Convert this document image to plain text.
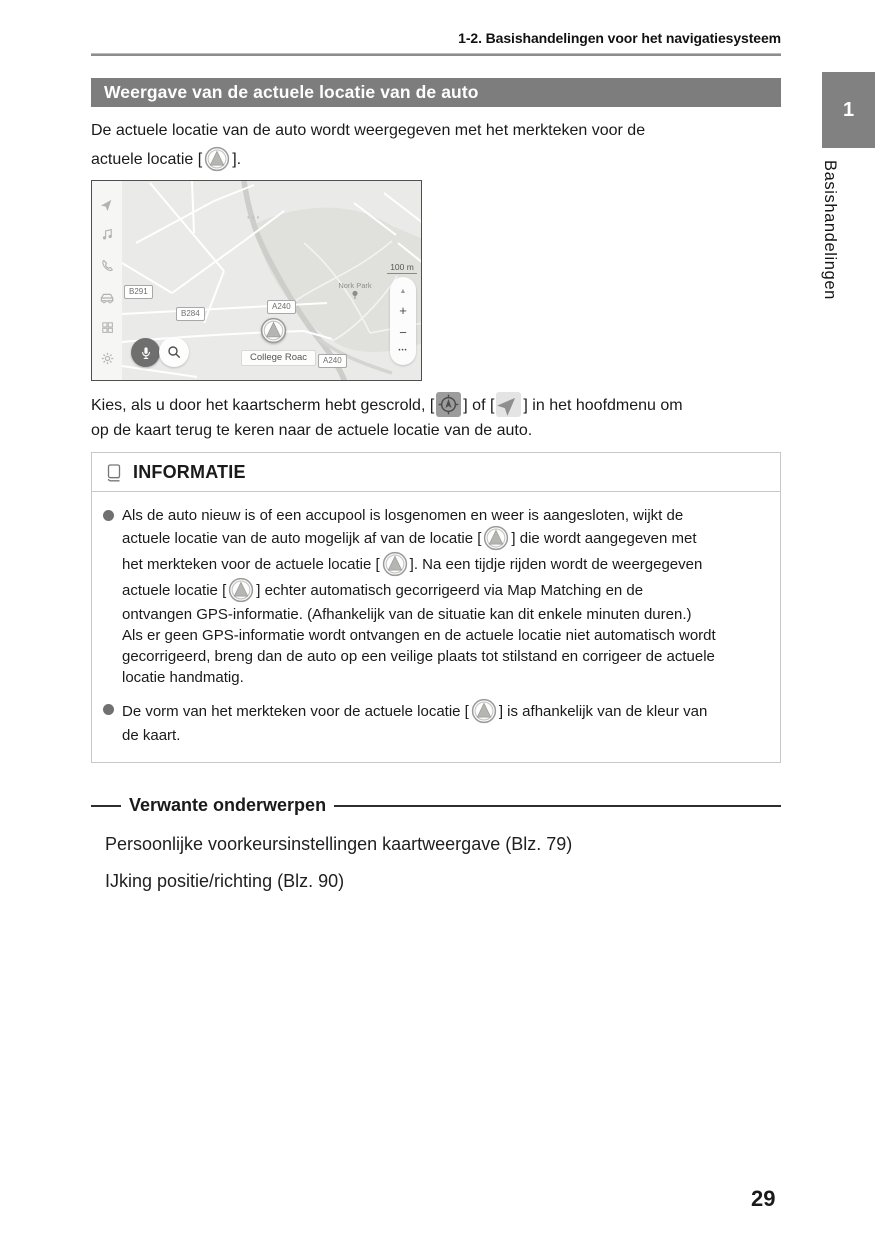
1-2. Basishandelingen voor het navigatiesysteem
Weergave van de actuele locatie van de auto

De actuele locatie van de auto wordt weergegeven met het merkteken voor de
actuele locatie [ ].

•••
B291
B284
A240
A240
College Roac
Nork Park

100 m
▲
+
−
•••

Kies, als u door het kaartscherm hebt gescrold, [ ] of [ ] in het hoofdmenu om
op de kaart terug te keren naar de actuele locatie van de auto.

INFORMATIE
Als de auto nieuw is of een accupool is losgenomen en weer is aangesloten, wijkt de
actuele locatie van de auto mogelijk af van de locatie [ ] die wordt aangegeven met
het merkteken voor de actuele locatie [ ]. Na een tijdje rijden wordt de weergegeven
actuele locatie [ ] echter automatisch gecorrigeerd via Map Matching en de
ontvangen GPS-informatie. (Afhankelijk van de situatie kan dit enkele minuten duren.)
Als er geen GPS-informatie wordt ontvangen en de actuele locatie niet automatisch wordt
gecorrigeerd, breng dan de auto op een veilige plaats tot stilstand en corrigeer de actuele
locatie handmatig.
De vorm van het merkteken voor de actuele locatie [ ] is afhankelijk van de kleur van
de kaart.
Verwante onderwerpen
Persoonlijke voorkeursinstellingen kaartweergave (Blz. 79)
IJking positie/richting (Blz. 90)
1
Basishandelingen
29
